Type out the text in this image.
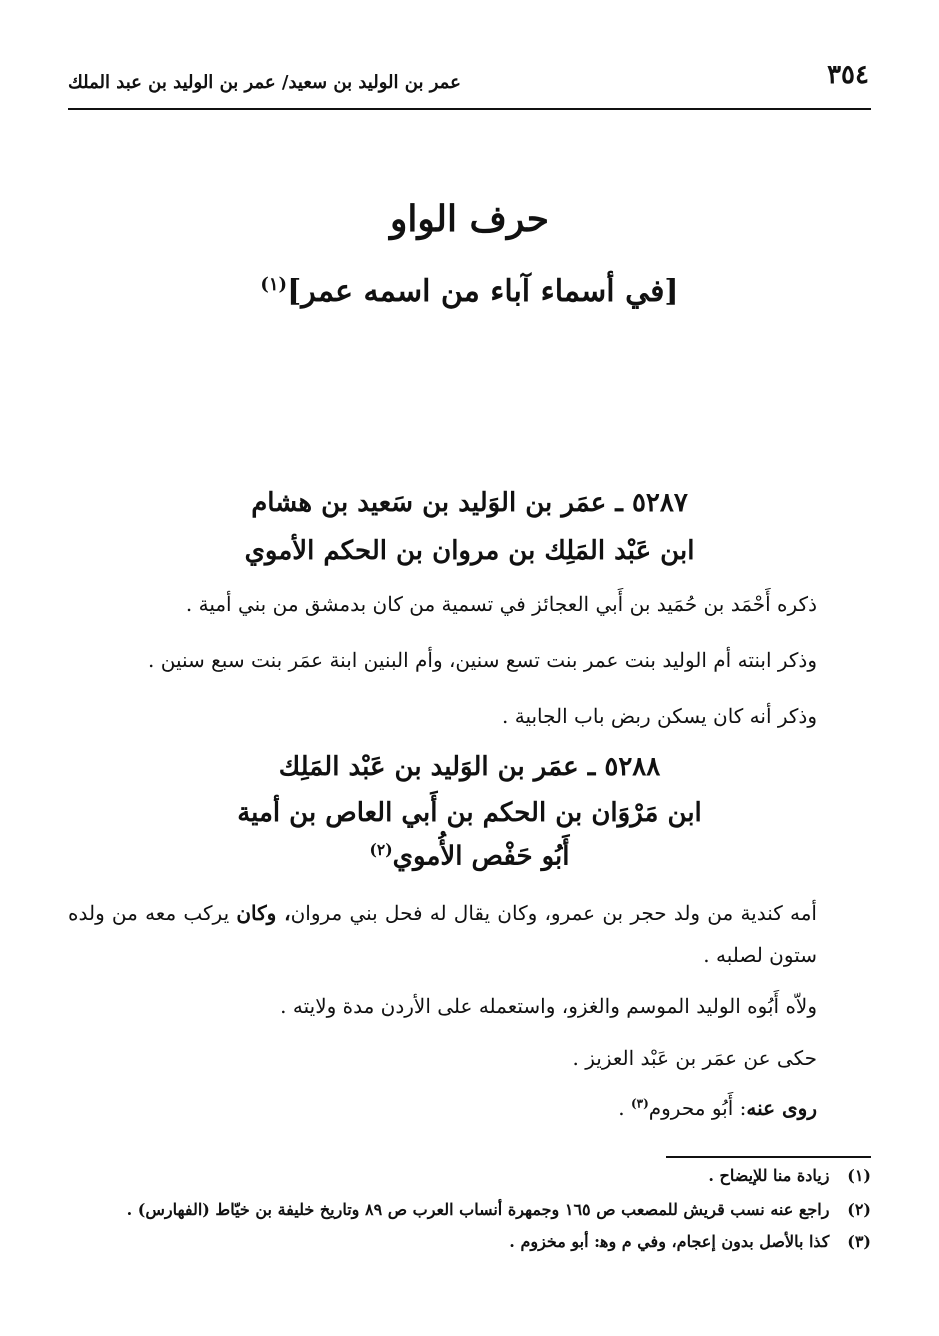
٣٥٤
عمر بن الوليد بن سعيد/ عمر بن الوليد بن عبد الملك
حرف الواو
[في أسماء آباء من اسمه عمر]$^{(١)}$
٥٢٨٧ ـ عمَر بن الوَليد بن سَعيد بن هشام
ابن عَبْد المَلِك بن مروان بن الحكم الأموي
ذكره أَحْمَد بن حُمَيد بن أَبي العجائز في تسمية من كان بدمشق من بني أمية .
وذكر ابنته أم الوليد بنت عمر بنت تسع سنين، وأم البنين ابنة عمَر بنت سبع سنين .
وذكر أنه كان يسكن ربض باب الجابية .
٥٢٨٨ ـ عمَر بن الوَليد بن عَبْد المَلِك
ابن مَرْوَان بن الحكم بن أَبي العاص بن أمية
أَبُو حَفْص الأُموي$^{(٢)}$
أمه كندية من ولد حجر بن عمرو، وكان يقال له فحل بني مروان، وكان يركب معه من ولده ستون لصلبه .
ولاّه أَبُوه الوليد الموسم والغزو، واستعمله على الأردن مدة ولايته .
حكى عن عمَر بن عَبْد العزيز .
روى عنه: أَبُو محروم$^{(٣)}$ .
(١) زيادة منا للإيضاح .
(٢) راجع عنه نسب قريش للمصعب ص ١٦٥ وجمهرة أنساب العرب ص ٨٩ وتاريخ خليفة بن خيّاط (الفهارس) .
(٣) كذا بالأصل بدون إعجام، وفي م وﻫ: أبو مخزوم .
